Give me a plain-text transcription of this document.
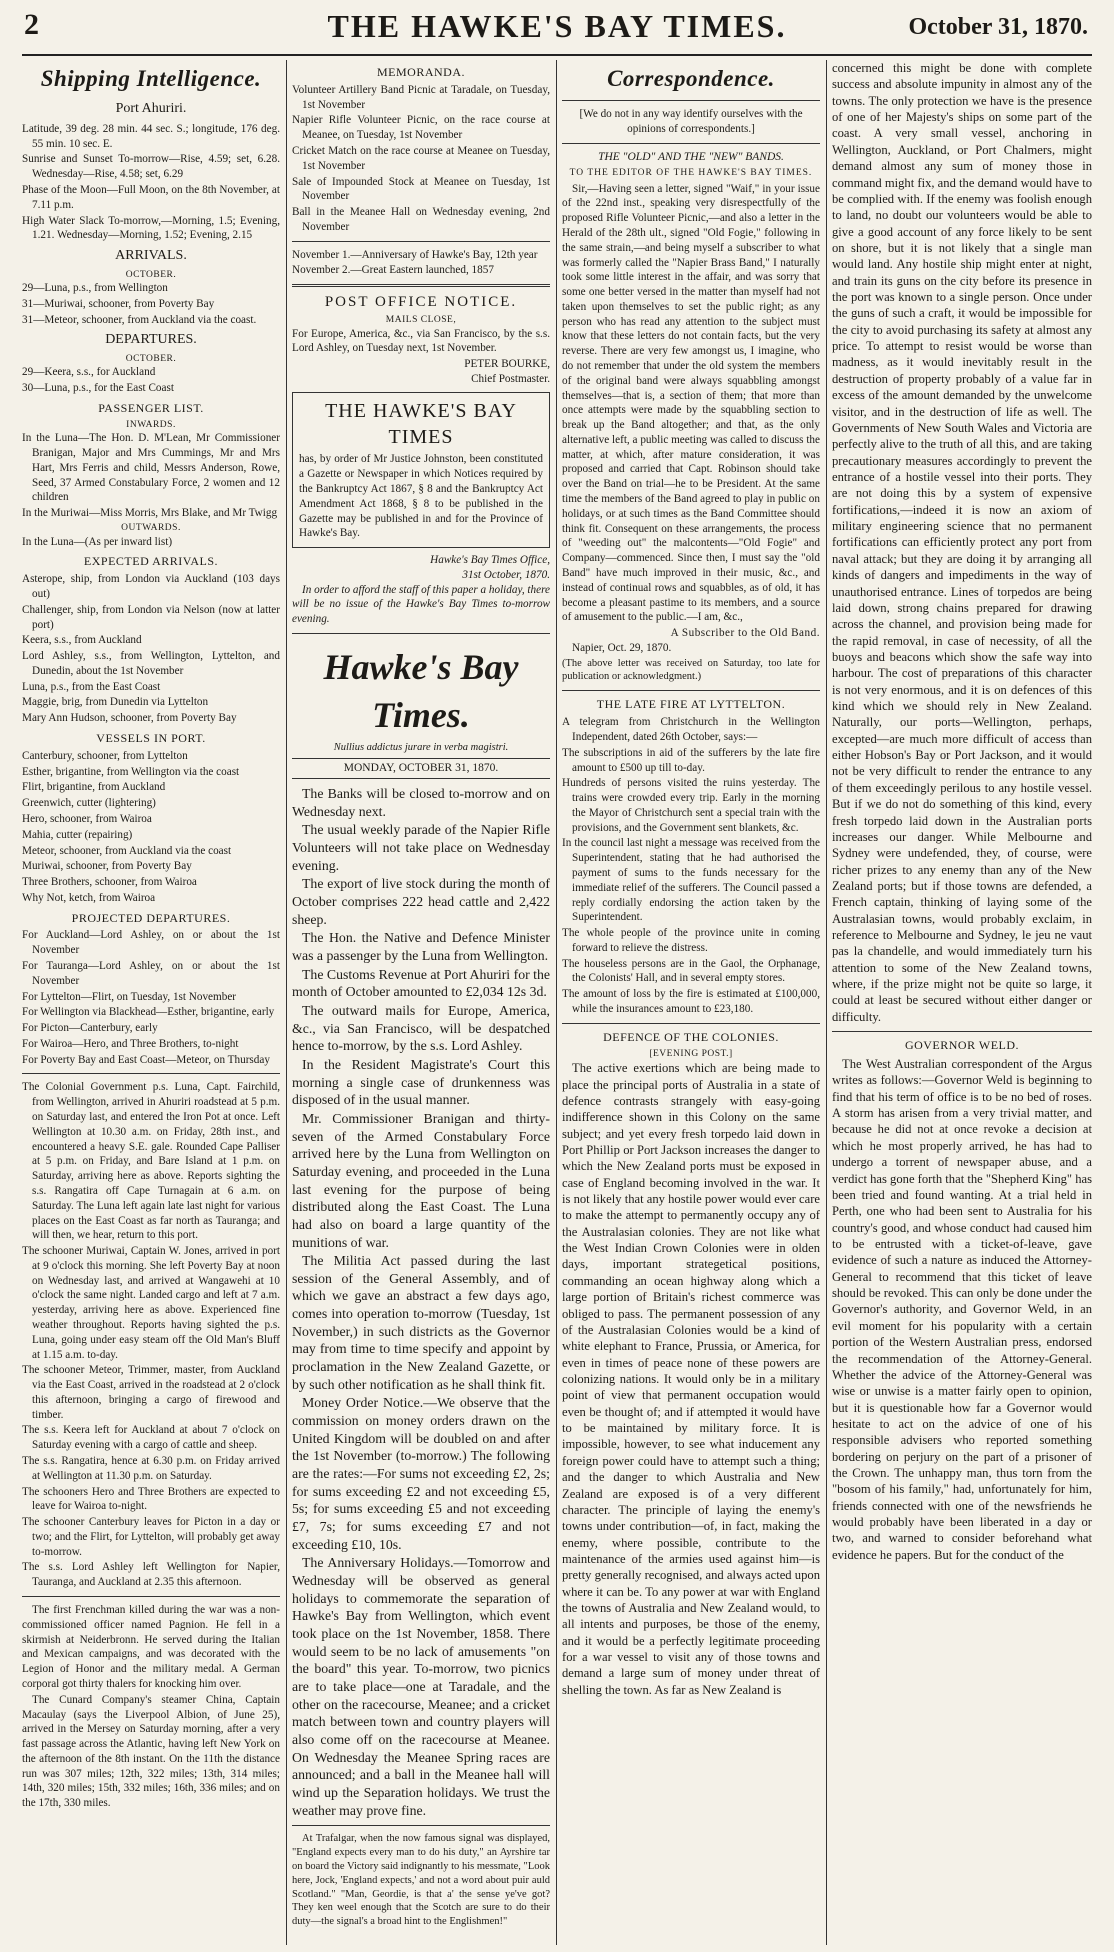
2	THE HAWKE'S BAY TIMES.	October 31, 1870.
Shipping Intelligence.
Port Ahuriri.

Latitude, 39 deg. 28 min. 44 sec. S.; longitude, 176 deg. 55 min. 10 sec. E.

Sunrise and Sunset To-morrow—Rise, 4.59; set, 6.28. Wednesday—Rise, 4.58; set, 6.29

Phase of the Moon—Full Moon, on the 8th November, at 7.11 p.m.

High Water Slack To-morrow,—Morning, 1.5; Evening, 1.21. Wednesday—Morning, 1.52; Evening, 2.15

ARRIVALS.
OCTOBER.

29—Luna, p.s., from Wellington

31—Muriwai, schooner, from Poverty Bay

31—Meteor, schooner, from Auckland via the coast.

DEPARTURES.
OCTOBER.

29—Keera, s.s., for Auckland

30—Luna, p.s., for the East Coast

PASSENGER LIST.
INWARDS.

In the Luna—The Hon. D. M'Lean, Mr Commissioner Branigan, Major and Mrs Cummings, Mr and Mrs Hart, Mrs Ferris and child, Messrs Anderson, Rowe, Seed, 37 Armed Constabulary Force, 2 women and 12 children

In the Muriwai—Miss Morris, Mrs Blake, and Mr Twigg

OUTWARDS.

In the Luna—(As per inward list)

EXPECTED ARRIVALS.

Asterope, ship, from London via Auckland (103 days out)

Challenger, ship, from London via Nelson (now at latter port)

Keera, s.s., from Auckland

Lord Ashley, s.s., from Wellington, Lyttelton, and Dunedin, about the 1st November

Luna, p.s., from the East Coast

Maggie, brig, from Dunedin via Lyttelton

Mary Ann Hudson, schooner, from Poverty Bay

VESSELS IN PORT.

Canterbury, schooner, from Lyttelton

Esther, brigantine, from Wellington via the coast

Flirt, brigantine, from Auckland

Greenwich, cutter (lightering)

Hero, schooner, from Wairoa

Mahia, cutter (repairing)

Meteor, schooner, from Auckland via the coast

Muriwai, schooner, from Poverty Bay

Three Brothers, schooner, from Wairoa

Why Not, ketch, from Wairoa

PROJECTED DEPARTURES.

For Auckland—Lord Ashley, on or about the 1st November

For Tauranga—Lord Ashley, on or about the 1st November

For Lyttelton—Flirt, on Tuesday, 1st November

For Wellington via Blackhead—Esther, brigantine, early

For Picton—Canterbury, early

For Wairoa—Hero, and Three Brothers, to-night

For Poverty Bay and East Coast—Meteor, on Thursday

The Colonial Government p.s. Luna, Capt. Fairchild, from Wellington, arrived in Ahuriri roadstead at 5 p.m. on Saturday last, and entered the Iron Pot at once. Left Wellington at 10.30 a.m. on Friday, 28th inst., and encountered a heavy S.E. gale. Rounded Cape Palliser at 5 p.m. on Friday, and Bare Island at 1 p.m. on Saturday, arriving here as above. Reports sighting the s.s. Rangatira off Cape Turnagain at 6 a.m. on Saturday. The Luna left again late last night for various places on the East Coast as far north as Tauranga; and will then, we hear, return to this port.

The schooner Muriwai, Captain W. Jones, arrived in port at 9 o'clock this morning. She left Poverty Bay at noon on Wednesday last, and arrived at Wangawehi at 10 o'clock the same night. Landed cargo and left at 7 a.m. yesterday, arriving here as above. Experienced fine weather throughout. Reports having sighted the p.s. Luna, going under easy steam off the Old Man's Bluff at 1.15 a.m. to-day.

The schooner Meteor, Trimmer, master, from Auckland via the East Coast, arrived in the roadstead at 2 o'clock this afternoon, bringing a cargo of firewood and timber.

The s.s. Keera left for Auckland at about 7 o'clock on Saturday evening with a cargo of cattle and sheep.

The s.s. Rangatira, hence at 6.30 p.m. on Friday arrived at Wellington at 11.30 p.m. on Saturday.

The schooners Hero and Three Brothers are expected to leave for Wairoa to-night.

The schooner Canterbury leaves for Picton in a day or two; and the Flirt, for Lyttelton, will probably get away to-morrow.

The s.s. Lord Ashley left Wellington for Napier, Tauranga, and Auckland at 2.35 this afternoon.

The first Frenchman killed during the war was a non-commissioned officer named Pagnion. He fell in a skirmish at Neiderbronn. He served during the Italian and Mexican campaigns, and was decorated with the Legion of Honor and the military medal. A German corporal got thirty thalers for knocking him over.

The Cunard Company's steamer China, Captain Macaulay (says the Liverpool Albion, of June 25), arrived in the Mersey on Saturday morning, after a very fast passage across the Atlantic, having left New York on the afternoon of the 8th instant. On the 11th the distance run was 307 miles; 12th, 322 miles; 13th, 314 miles; 14th, 320 miles; 15th, 332 miles; 16th, 336 miles; and on the 17th, 330 miles.

MEMORANDA.

Volunteer Artillery Band Picnic at Taradale, on Tuesday, 1st November

Napier Rifle Volunteer Picnic, on the race course at Meanee, on Tuesday, 1st November

Cricket Match on the race course at Meanee on Tuesday, 1st November

Sale of Impounded Stock at Meanee on Tuesday, 1st November

Ball in the Meanee Hall on Wednesday evening, 2nd November

November 1.—Anniversary of Hawke's Bay, 12th year

November 2.—Great Eastern launched, 1857

POST OFFICE NOTICE.
MAILS CLOSE,

For Europe, America, &c., via San Francisco, by the s.s. Lord Ashley, on Tuesday next, 1st November.

PETER BOURKE,
Chief Postmaster.
THE HAWKE'S BAY TIMES

has, by order of Mr Justice Johnston, been constituted a Gazette or Newspaper in which Notices required by the Bankruptcy Act 1867, § 8 and the Bankruptcy Act Amendment Act 1868, § 8 to be published in the Gazette may be published in and for the Province of Hawke's Bay.

Hawke's Bay Times Office,
31st October, 1870.

In order to afford the staff of this paper a holiday, there will be no issue of the Hawke's Bay Times to-morrow evening.

Hawke's Bay Times.
Nullius addictus jurare in verba magistri.
MONDAY, OCTOBER 31, 1870.

The Banks will be closed to-morrow and on Wednesday next.

The usual weekly parade of the Napier Rifle Volunteers will not take place on Wednesday evening.

The export of live stock during the month of October comprises 222 head cattle and 2,422 sheep.

The Hon. the Native and Defence Minister was a passenger by the Luna from Wellington.

The Customs Revenue at Port Ahuriri for the month of October amounted to £2,034 12s 3d.

The outward mails for Europe, America, &c., via San Francisco, will be despatched hence to-morrow, by the s.s. Lord Ashley.

In the Resident Magistrate's Court this morning a single case of drunkenness was disposed of in the usual manner.

Mr. Commissioner Branigan and thirty-seven of the Armed Constabulary Force arrived here by the Luna from Wellington on Saturday evening, and proceeded in the Luna last evening for the purpose of being distributed along the East Coast. The Luna had also on board a large quantity of the munitions of war.

The Militia Act passed during the last session of the General Assembly, and of which we gave an abstract a few days ago, comes into operation to-morrow (Tuesday, 1st November,) in such districts as the Governor may from time to time specify and appoint by proclamation in the New Zealand Gazette, or by such other notification as he shall think fit.

Money Order Notice.—We observe that the commission on money orders drawn on the United Kingdom will be doubled on and after the 1st November (to-morrow.) The following are the rates:—For sums not exceeding £2, 2s; for sums exceeding £2 and not exceeding £5, 5s; for sums exceeding £5 and not exceeding £7, 7s; for sums exceeding £7 and not exceeding £10, 10s.

The Anniversary Holidays.—Tomorrow and Wednesday will be observed as general holidays to commemorate the separation of Hawke's Bay from Wellington, which event took place on the 1st November, 1858. There would seem to be no lack of amusements "on the board" this year. To-morrow, two picnics are to take place—one at Taradale, and the other on the racecourse, Meanee; and a cricket match between town and country players will also come off on the racecourse at Meanee. On Wednesday the Meanee Spring races are announced; and a ball in the Meanee hall will wind up the Separation holidays. We trust the weather may prove fine.

At Trafalgar, when the now famous signal was displayed, "England expects every man to do his duty," an Ayrshire tar on board the Victory said indignantly to his messmate, "Look here, Jock, 'England expects,' and not a word about puir auld Scotland." "Man, Geordie, is that a' the sense ye've got? They ken weel enough that the Scotch are sure to do their duty—the signal's a broad hint to the Englishmen!"

Correspondence.

[We do not in any way identify ourselves with the opinions of correspondents.]

THE "OLD" AND THE "NEW" BANDS.
TO THE EDITOR OF THE HAWKE'S BAY TIMES.

Sir,—Having seen a letter, signed "Waif," in your issue of the 22nd inst., speaking very disrespectfully of the proposed Rifle Volunteer Picnic,—and also a letter in the Herald of the 28th ult., signed "Old Fogie," following in the same strain,—and being myself a subscriber to what was formerly called the "Napier Brass Band," I naturally took some little interest in the affair, and was sorry that some one better versed in the matter than myself had not taken upon themselves to set the public right; as any person who has read any attention to the subject must know that these letters do not contain facts, but the very reverse. There are very few amongst us, I imagine, who do not remember that under the old system the members of the original band were always squabbling amongst themselves—that is, a section of them; that more than once attempts were made by the squabbling section to break up the Band altogether; and that, as the only alternative left, a public meeting was called to discuss the matter, at which, after mature consideration, it was proposed and carried that Capt. Robinson should take over the Band on trial—he to be President. At the same time the members of the Band agreed to play in public on holidays, or at such times as the Band Committee should think fit. Consequent on these arrangements, the process of "weeding out" the malcontents—"Old Fogie" and Company—commenced. Since then, I must say the "old Band" have much improved in their music, &c., and instead of continual rows and squabbles, as of old, it has become a pleasant pastime to its members, and a source of amusement to the public.—I am, &c.,

A Subscriber to the Old Band.

Napier, Oct. 29, 1870.

(The above letter was received on Saturday, too late for publication or acknowledgment.)

THE LATE FIRE AT LYTTELTON.

A telegram from Christchurch in the Wellington Independent, dated 26th October, says:—

The subscriptions in aid of the sufferers by the late fire amount to £500 up till to-day.

Hundreds of persons visited the ruins yesterday. The trains were crowded every trip. Early in the morning the Mayor of Christchurch sent a special train with the provisions, and the Government sent blankets, &c.

In the council last night a message was received from the Superintendent, stating that he had authorised the payment of sums to the funds necessary for the immediate relief of the sufferers. The Council passed a reply cordially endorsing the action taken by the Superintendent.

The whole people of the province unite in coming forward to relieve the distress.

The houseless persons are in the Gaol, the Orphanage, the Colonists' Hall, and in several empty stores.

The amount of loss by the fire is estimated at £100,000, while the insurances amount to £23,180.

DEFENCE OF THE COLONIES.
[EVENING POST.]

The active exertions which are being made to place the principal ports of Australia in a state of defence contrasts strangely with easy-going indifference shown in this Colony on the same subject; and yet every fresh torpedo laid down in Port Phillip or Port Jackson increases the danger to which the New Zealand ports must be exposed in case of England becoming involved in the war. It is not likely that any hostile power would ever care to make the attempt to permanently occupy any of the Australasian colonies. They are not like what the West Indian Crown Colonies were in olden days, important strategetical positions, commanding an ocean highway along which a large portion of Britain's richest commerce was obliged to pass. The permanent possession of any of the Australasian Colonies would be a kind of white elephant to France, Prussia, or America, for even in times of peace none of these powers are colonizing nations. It would only be in a military point of view that permanent occupation would even be thought of; and if attempted it would have to be maintained by military force. It is impossible, however, to see what inducement any foreign power could have to attempt such a thing; and the danger to which Australia and New Zealand are exposed is of a very different character. The principle of laying the enemy's towns under contribution—of, in fact, making the enemy, where possible, contribute to the maintenance of the armies used against him—is pretty generally recognised, and always acted upon where it can be. To any power at war with England the towns of Australia and New Zealand would, to all intents and purposes, be those of the enemy, and it would be a perfectly legitimate proceeding for a war vessel to visit any of those towns and demand a large sum of money under threat of shelling the town. As far as New Zealand is

concerned this might be done with complete success and absolute impunity in almost any of the towns. The only protection we have is the presence of one of her Majesty's ships on some part of the coast. A very small vessel, anchoring in Wellington, Auckland, or Port Chalmers, might demand almost any sum of money those in command might fix, and the demand would have to be complied with. If the enemy was foolish enough to land, no doubt our volunteers would be able to give a good account of any force likely to be sent on shore, but it is not likely that a single man would land. Any hostile ship might enter at night, and train its guns on the city before its presence in the port was known to a single person. Once under the guns of such a craft, it would be impossible for the city to avoid purchasing its safety at almost any price. To attempt to resist would be worse than madness, as it would inevitably result in the destruction of property probably of a value far in excess of the amount demanded by the unwelcome visitor, and in the destruction of life as well. The Governments of New South Wales and Victoria are perfectly alive to the truth of all this, and are taking precautionary measures accordingly to prevent the entrance of a hostile vessel into their ports. They are not doing this by a system of expensive fortifications,—indeed it is now an axiom of military engineering science that no permanent fortifications can efficiently protect any port from naval attack; but they are doing it by arranging all kinds of dangers and impediments in the way of unauthorised entrance. Lines of torpedos are being laid down, strong chains prepared for drawing across the channel, and provision being made for the rapid removal, in case of necessity, of all the buoys and beacons which show the safe way into harbour. The cost of preparations of this character is not very enormous, and it is on defences of this kind which we should rely in New Zealand. Naturally, our ports—Wellington, perhaps, excepted—are much more difficult of access than either Hobson's Bay or Port Jackson, and it would not be very difficult to render the entrance to any of them exceedingly perilous to any hostile vessel. But if we do not do something of this kind, every fresh torpedo laid down in the Australian ports increases our danger. While Melbourne and Sydney were undefended, they, of course, were richer prizes to any enemy than any of the New Zealand ports; but if those towns are defended, a French captain, thinking of laying some of the Australasian towns, would probably exclaim, in reference to Melbourne and Sydney, le jeu ne vaut pas la chandelle, and would immediately turn his attention to some of the New Zealand towns, where, if the prize might not be quite so large, it could at least be secured without either danger or difficulty.

GOVERNOR WELD.

The West Australian correspondent of the Argus writes as follows:—Governor Weld is beginning to find that his term of office is to be no bed of roses. A storm has arisen from a very trivial matter, and because he did not at once revoke a decision at which he most properly arrived, he has had to undergo a torrent of newspaper abuse, and a verdict has gone forth that the "Shepherd King" has been tried and found wanting. At a trial held in Perth, one who had been sent to Australia for his country's good, and whose conduct had caused him to be entrusted with a ticket-of-leave, gave evidence of such a nature as induced the Attorney-General to recommend that this ticket of leave should be revoked. This can only be done under the Governor's authority, and Governor Weld, in an evil moment for his popularity with a certain portion of the Western Australian press, endorsed the recommendation of the Attorney-General. Whether the advice of the Attorney-General was wise or unwise is a matter fairly open to opinion, but it is questionable how far a Governor would hesitate to act on the advice of one of his responsible advisers who reported something bordering on perjury on the part of a prisoner of the Crown. The unhappy man, thus torn from the "bosom of his family," had, unfortunately for him, friends connected with one of the newsfriends he would probably have been liberated in a day or two, and warned to consider beforehand what evidence he papers. But for the conduct of the
